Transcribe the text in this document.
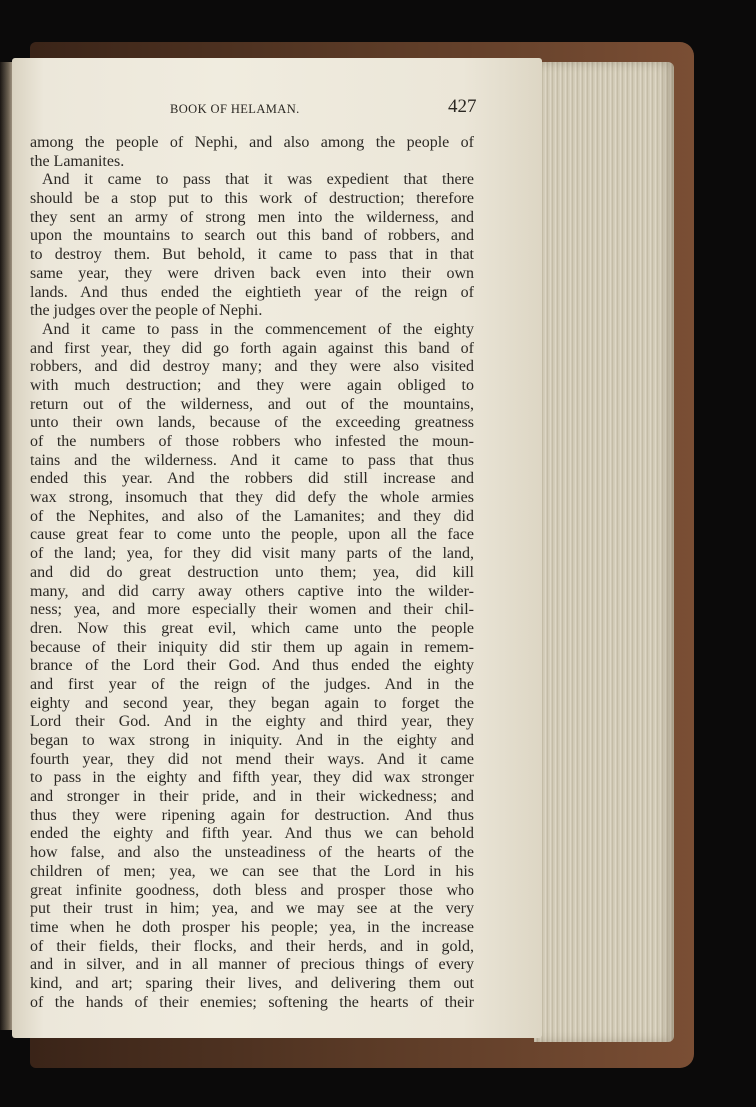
BOOK OF HELAMAN.	427
among the people of Nephi, and also among the people of
the Lamanites.
And it came to pass that it was expedient that there
should be a stop put to this work of destruction; therefore
they sent an army of strong men into the wilderness, and
upon the mountains to search out this band of robbers, and
to destroy them. But behold, it came to pass that in that
same year, they were driven back even into their own
lands. And thus ended the eightieth year of the reign of
the judges over the people of Nephi.
And it came to pass in the commencement of the eighty
and first year, they did go forth again against this band of
robbers, and did destroy many; and they were also visited
with much destruction; and they were again obliged to
return out of the wilderness, and out of the mountains,
unto their own lands, because of the exceeding greatness
of the numbers of those robbers who infested the moun-
tains and the wilderness. And it came to pass that thus
ended this year. And the robbers did still increase and
wax strong, insomuch that they did defy the whole armies
of the Nephites, and also of the Lamanites; and they did
cause great fear to come unto the people, upon all the face
of the land; yea, for they did visit many parts of the land,
and did do great destruction unto them; yea, did kill
many, and did carry away others captive into the wilder-
ness; yea, and more especially their women and their chil-
dren. Now this great evil, which came unto the people
because of their iniquity did stir them up again in remem-
brance of the Lord their God. And thus ended the eighty
and first year of the reign of the judges. And in the
eighty and second year, they began again to forget the
Lord their God. And in the eighty and third year, they
began to wax strong in iniquity. And in the eighty and
fourth year, they did not mend their ways. And it came
to pass in the eighty and fifth year, they did wax stronger
and stronger in their pride, and in their wickedness; and
thus they were ripening again for destruction. And thus
ended the eighty and fifth year. And thus we can behold
how false, and also the unsteadiness of the hearts of the
children of men; yea, we can see that the Lord in his
great infinite goodness, doth bless and prosper those who
put their trust in him; yea, and we may see at the very
time when he doth prosper his people; yea, in the increase
of their fields, their flocks, and their herds, and in gold,
and in silver, and in all manner of precious things of every
kind, and art; sparing their lives, and delivering them out
of the hands of their enemies; softening the hearts of their
